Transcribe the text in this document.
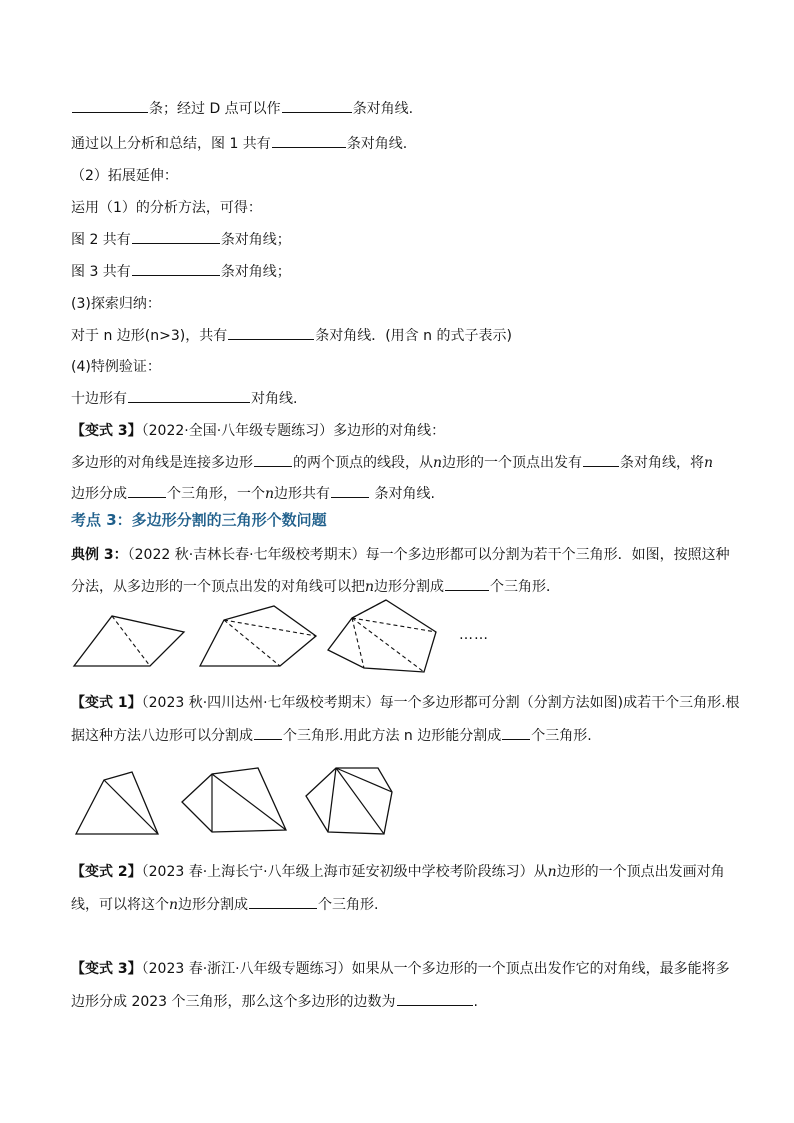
条；经过 D 点可以作	条对角线.
通过以上分析和总结，图 1 共有	条对角线.
（2）拓展延伸：
运用（1）的分析方法，可得：
图 2 共有	条对角线；
图 3 共有	条对角线；
(3)探索归纳：
对于 n 边形(n>3)，共有	条对角线．(用含 n 的式子表示)
(4)特例验证：
十边形有	对角线.
【变式 3】（2022·全国·八年级专题练习）多边形的对角线：
多边形的对角线是连接多边形	的两个顶点的线段，从n边形的一个顶点出发有	条对角线，将n
边形分成	个三角形，一个n边形共有	条对角线.
考点 3：多边形分割的三角形个数问题
典例 3：（2022 秋·吉林长春·七年级校考期末）每一个多边形都可以分割为若干个三角形．如图，按照这种
分法，从多边形的一个顶点出发的对角线可以把n边形分割成	个三角形．
……
【变式 1】（2023 秋·四川达州·七年级校考期末）每一个多边形都可分割（分割方法如图)成若干个三角形.根
据这种方法八边形可以分割成 个三角形.用此方法 n 边形能分割成 个三角形.
【变式 2】（2023 春·上海长宁·八年级上海市延安初级中学校考阶段练习）从n边形的一个顶点出发画对角
线，可以将这个n边形分割成	个三角形.
【变式 3】（2023 春·浙江·八年级专题练习）如果从一个多边形的一个顶点出发作它的对角线，最多能将多
边形分成 2023 个三角形，那么这个多边形的边数为	.
